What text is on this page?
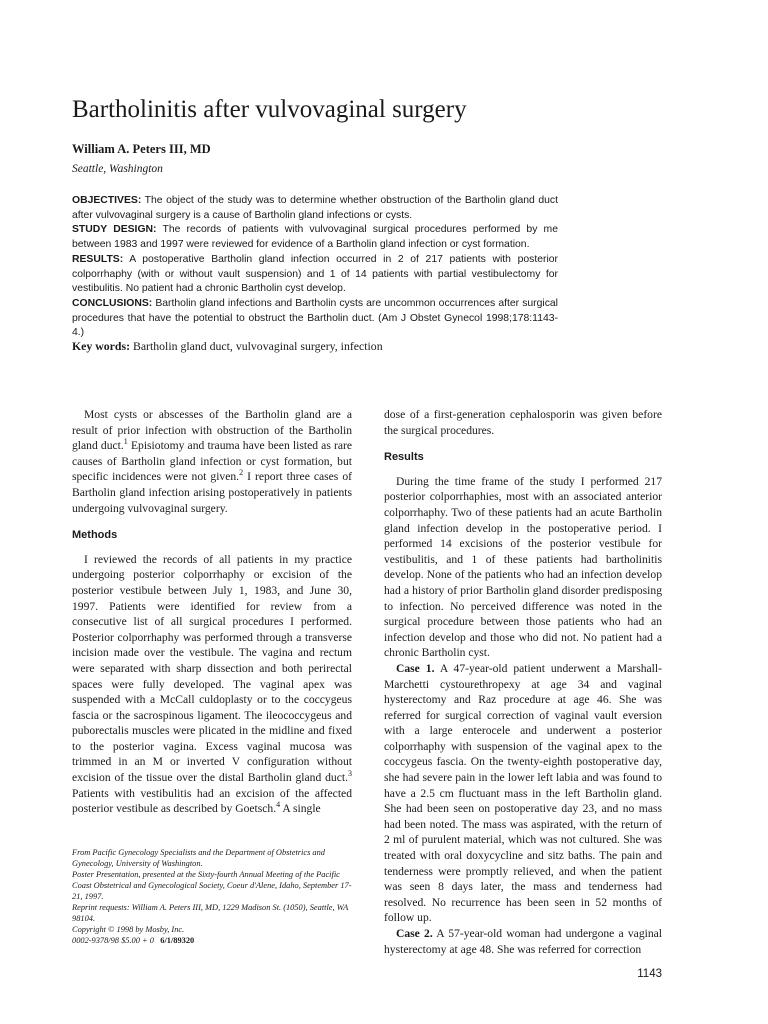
Bartholinitis after vulvovaginal surgery
William A. Peters III, MD
Seattle, Washington

OBJECTIVES: The object of the study was to determine whether obstruction of the Bartholin gland duct after vulvovaginal surgery is a cause of Bartholin gland infections or cysts.

STUDY DESIGN: The records of patients with vulvovaginal surgical procedures performed by me between 1983 and 1997 were reviewed for evidence of a Bartholin gland infection or cyst formation.

RESULTS: A postoperative Bartholin gland infection occurred in 2 of 217 patients with posterior colporrhaphy (with or without vault suspension) and 1 of 14 patients with partial vestibulectomy for vestibulitis. No patient had a chronic Bartholin cyst develop.

CONCLUSIONS: Bartholin gland infections and Bartholin cysts are uncommon occurrences after surgical procedures that have the potential to obstruct the Bartholin duct. (Am J Obstet Gynecol 1998;178:1143-4.)

Key words: Bartholin gland duct, vulvovaginal surgery, infection

Most cysts or abscesses of the Bartholin gland are a result of prior infection with obstruction of the Bartholin gland duct.$^1$ Episiotomy and trauma have been listed as rare causes of Bartholin gland infection or cyst formation, but specific incidences were not given.$^2$ I report three cases of Bartholin gland infection arising postoperatively in patients undergoing vulvovaginal surgery.

Methods

I reviewed the records of all patients in my practice undergoing posterior colporrhaphy or excision of the posterior vestibule between July 1, 1983, and June 30, 1997. Patients were identified for review from a consecutive list of all surgical procedures I performed. Posterior colporrhaphy was performed through a transverse incision made over the vestibule. The vagina and rectum were separated with sharp dissection and both perirectal spaces were fully developed. The vaginal apex was suspended with a McCall culdoplasty or to the coccygeus fascia or the sacrospinous ligament. The ileococcygeus and puborectalis muscles were plicated in the midline and fixed to the posterior vagina. Excess vaginal mucosa was trimmed in an M or inverted V configuration without excision of the tissue over the distal Bartholin gland duct.$^3$ Patients with vestibulitis had an excision of the affected posterior vestibule as described by Goetsch.$^4$ A single

dose of a first-generation cephalosporin was given before the surgical procedures.

Results

During the time frame of the study I performed 217 posterior colporrhaphies, most with an associated anterior colporrhaphy. Two of these patients had an acute Bartholin gland infection develop in the postoperative period. I performed 14 excisions of the posterior vestibule for vestibulitis, and 1 of these patients had bartholinitis develop. None of the patients who had an infection develop had a history of prior Bartholin gland disorder predisposing to infection. No perceived difference was noted in the surgical procedure between those patients who had an infection develop and those who did not. No patient had a chronic Bartholin cyst.

Case 1. A 47-year-old patient underwent a Marshall-Marchetti cystourethropexy at age 34 and vaginal hysterectomy and Raz procedure at age 46. She was referred for surgical correction of vaginal vault eversion with a large enterocele and underwent a posterior colporrhaphy with suspension of the vaginal apex to the coccygeus fascia. On the twenty-eighth postoperative day, she had severe pain in the lower left labia and was found to have a 2.5 cm fluctuant mass in the left Bartholin gland. She had been seen on postoperative day 23, and no mass had been noted. The mass was aspirated, with the return of 2 ml of purulent material, which was not cultured. She was treated with oral doxycycline and sitz baths. The pain and tenderness were promptly relieved, and when the patient was seen 8 days later, the mass and tenderness had resolved. No recurrence has been seen in 52 months of follow up.

Case 2. A 57-year-old woman had undergone a vaginal hysterectomy at age 48. She was referred for correction

From Pacific Gynecology Specialists and the Department of Obstetrics and Gynecology, University of Washington.

Poster Presentation, presented at the Sixty-fourth Annual Meeting of the Pacific Coast Obstetrical and Gynecological Society, Coeur d'Alene, Idaho, September 17-21, 1997.

Reprint requests: William A. Peters III, MD, 1229 Madison St. (1050), Seattle, WA 98104.

Copyright © 1998 by Mosby, Inc.

0002-9378/98 $5.00 + 0 6/1/89320

1143
